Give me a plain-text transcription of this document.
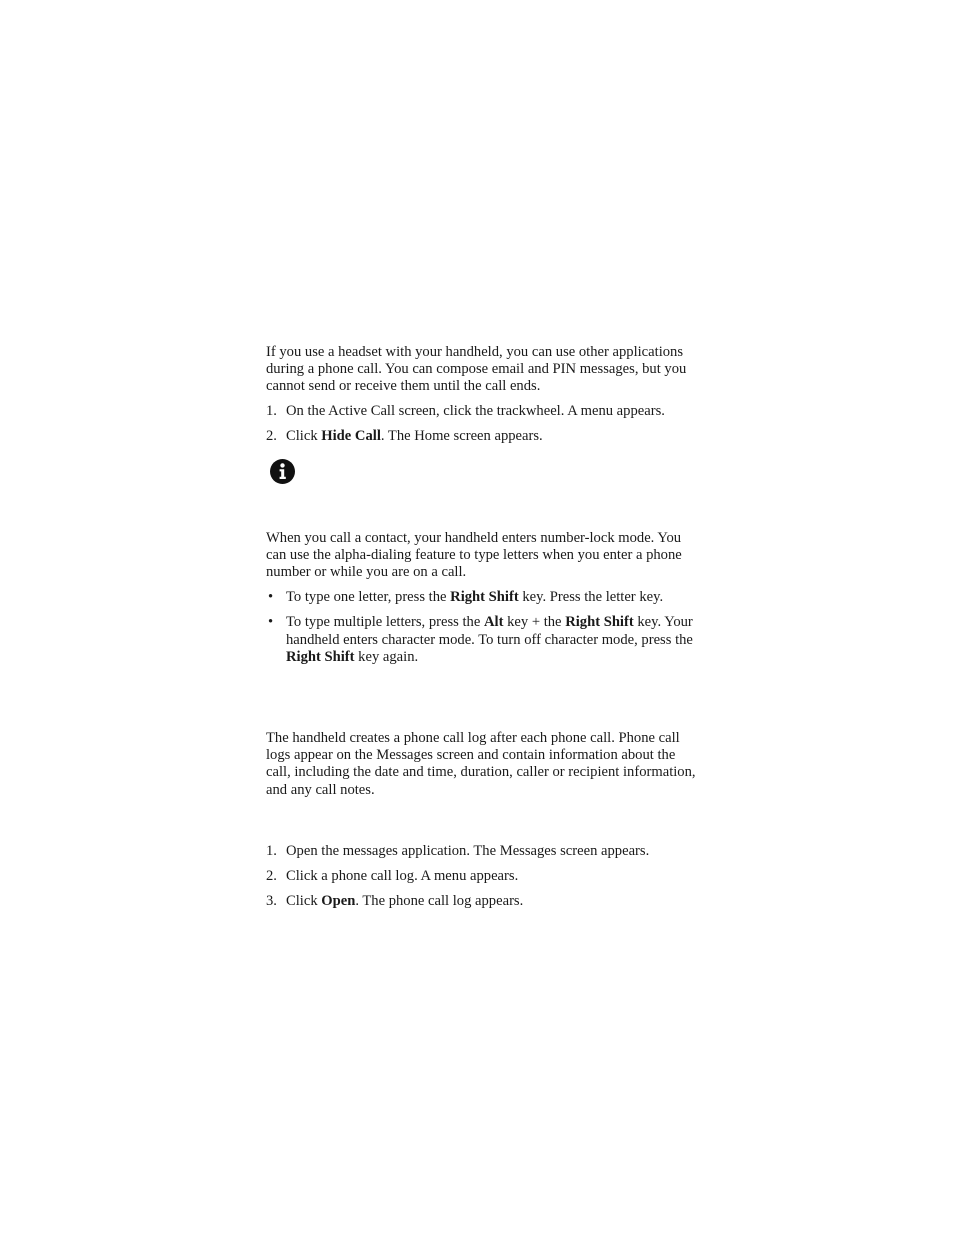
If you use a headset with your handheld, you can use other applications during a phone call. You can compose email and PIN messages, but you cannot send or receive them until the call ends.

1. On the Active Call screen, click the trackwheel. A menu appears.
2. Click Hide Call. The Home screen appears.

When you call a contact, your handheld enters number-lock mode. You can use the alpha-dialing feature to type letters when you enter a phone number or while you are on a call.

• To type one letter, press the Right Shift key. Press the letter key.
• To type multiple letters, press the Alt key + the Right Shift key. Your handheld enters character mode. To turn off character mode, press the Right Shift key again.

The handheld creates a phone call log after each phone call. Phone call logs appear on the Messages screen and contain information about the call, including the date and time, duration, caller or recipient information, and any call notes.

1. Open the messages application. The Messages screen appears.
2. Click a phone call log. A menu appears.
3. Click Open. The phone call log appears.
